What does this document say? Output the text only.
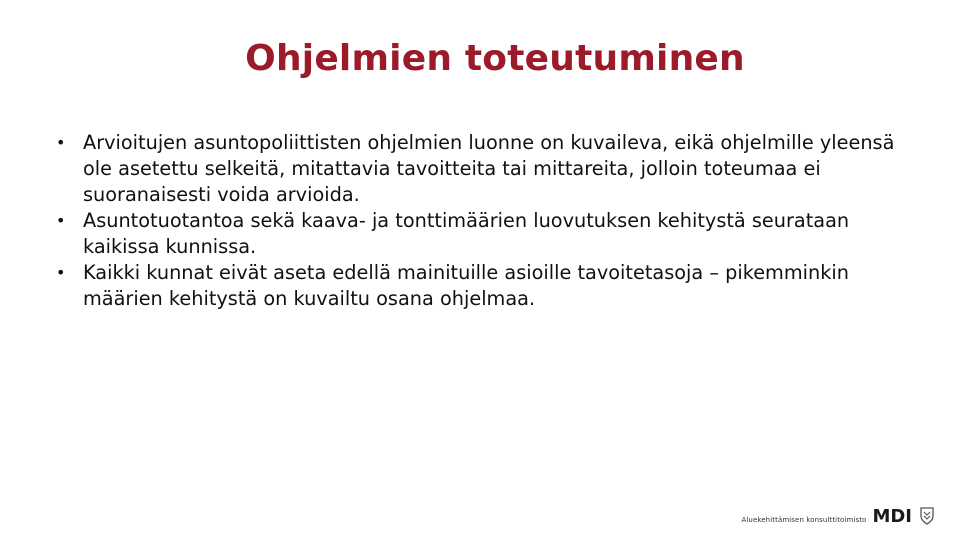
Ohjelmien toteutuminen
• Arvioitujen asuntopoliittisten ohjelmien luonne on kuvaileva, eikä ohjelmille yleensä ole asetettu selkeitä, mitattavia tavoitteita tai mittareita, jolloin toteumaa ei suoranaisesti voida arvioida.
• Asuntotuotantoa sekä kaava- ja tonttimäärien luovutuksen kehitystä seurataan kaikissa kunnissa.
• Kaikki kunnat eivät aseta edellä mainituille asioille tavoitetasoja – pikemminkin määrien kehitystä on kuvailtu osana ohjelmaa.
Aluekehittämisen konsulttitoimisto MDI
